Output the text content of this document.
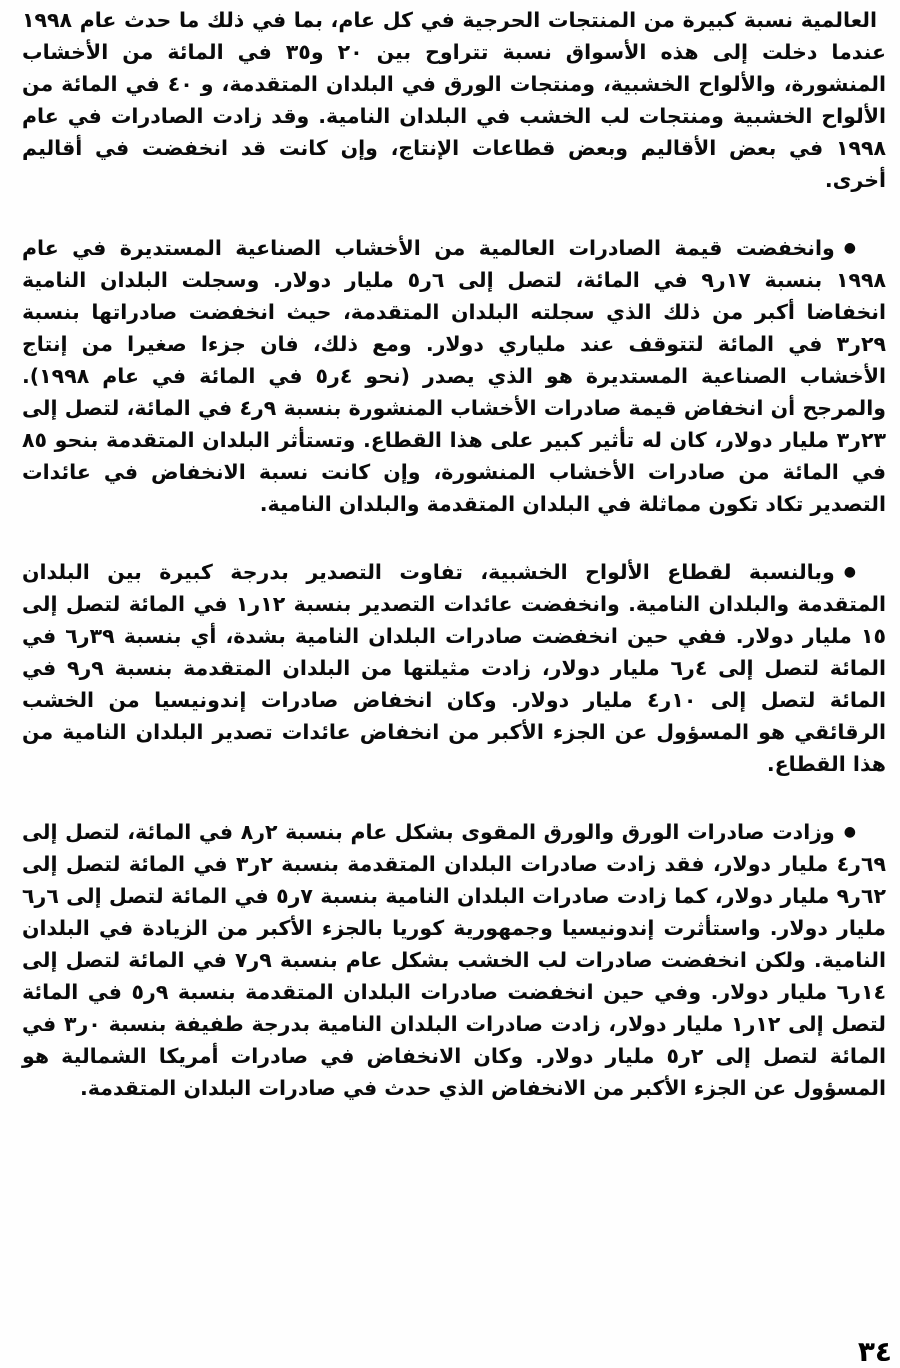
العالمية نسبة كبيرة من المنتجات الحرجية في كل عام، بما في ذلك ما حدث عام ١٩٩٨ عندما دخلت إلى هذه الأسواق نسبة تتراوح بين ٢٠ و٣٥ في المائة من الأخشاب المنشورة، والألواح الخشبية، ومنتجات الورق في البلدان المتقدمة، و ٤٠ في المائة من الألواح الخشبية ومنتجات لب الخشب في البلدان النامية. وقد زادت الصادرات في عام ١٩٩٨ في بعض الأقاليم وبعض قطاعات الإنتاج، وإن كانت قد انخفضت في أقاليم أخرى.

●وانخفضت قيمة الصادرات العالمية من الأخشاب الصناعية المستديرة في عام ١٩٩٨ بنسبة ١٧ر٩ في المائة، لتصل إلى ٦ر٥ مليار دولار. وسجلت البلدان النامية انخفاضا أكبر من ذلك الذي سجلته البلدان المتقدمة، حيث انخفضت صادراتها بنسبة ٢٩ر٣ في المائة لتتوقف عند ملياري دولار. ومع ذلك، فان جزءا صغيرا من إنتاج الأخشاب الصناعية المستديرة هو الذي يصدر (نحو ٤ر٥ في المائة في عام ١٩٩٨). والمرجح أن انخفاض قيمة صادرات الأخشاب المنشورة بنسبة ٩ر٤ في المائة، لتصل إلى ٢٣ر٣ مليار دولار، كان له تأثير كبير على هذا القطاع. وتستأثر البلدان المتقدمة بنحو ٨٥ في المائة من صادرات الأخشاب المنشورة، وإن كانت نسبة الانخفاض في عائدات التصدير تكاد تكون مماثلة في البلدان المتقدمة والبلدان النامية.

●وبالنسبة لقطاع الألواح الخشبية، تفاوت التصدير بدرجة كبيرة بين البلدان المتقدمة والبلدان النامية. وانخفضت عائدات التصدير بنسبة ١٢ر١ في المائة لتصل إلى ١٥ مليار دولار. ففي حين انخفضت صادرات البلدان النامية بشدة، أي بنسبة ٣٩ر٦ في المائة لتصل إلى ٤ر٦ مليار دولار، زادت مثيلتها من البلدان المتقدمة بنسبة ٩ر٩ في المائة لتصل إلى ١٠ر٤ مليار دولار. وكان انخفاض صادرات إندونيسيا من الخشب الرقائقي هو المسؤول عن الجزء الأكبر من انخفاض عائدات تصدير البلدان النامية من هذا القطاع.

●وزادت صادرات الورق والورق المقوى بشكل عام بنسبة ٢ر٨ في المائة، لتصل إلى ٦٩ر٤ مليار دولار، فقد زادت صادرات البلدان المتقدمة بنسبة ٢ر٣ في المائة لتصل إلى ٦٢ر٩ مليار دولار، كما زادت صادرات البلدان النامية بنسبة ٧ر٥ في المائة لتصل إلى ٦ر٦ مليار دولار. واستأثرت إندونيسيا وجمهورية كوريا بالجزء الأكبر من الزيادة في البلدان النامية. ولكن انخفضت صادرات لب الخشب بشكل عام بنسبة ٩ر٧ في المائة لتصل إلى ١٤ر٦ مليار دولار. وفي حين انخفضت صادرات البلدان المتقدمة بنسبة ٩ر٥ في المائة لتصل إلى ١٢ر١ مليار دولار، زادت صادرات البلدان النامية بدرجة طفيفة بنسبة ٠ر٣ في المائة لتصل إلى ٢ر٥ مليار دولار. وكان الانخفاض في صادرات أمريكا الشمالية هو المسؤول عن الجزء الأكبر من الانخفاض الذي حدث في صادرات البلدان المتقدمة.

٣٤
